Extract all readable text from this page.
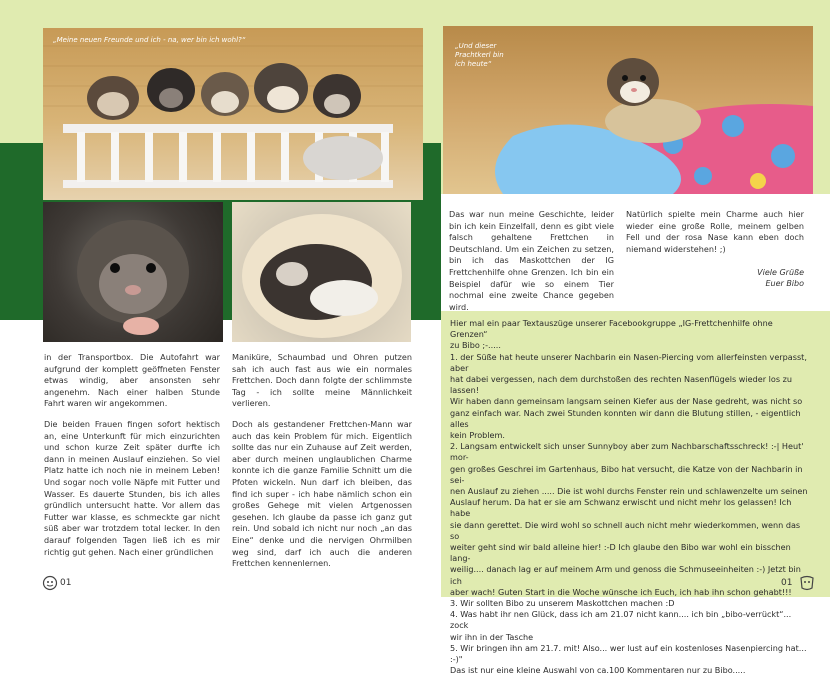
„Meine neuen Freunde und ich - na, wer bin ich wohl?“
„Und dieser Prachtkerl bin ich heute“

in der Transportbox. Die Autofahrt war aufgrund der komplett geöffneten Fenster etwas windig, aber ansonsten sehr angenehm. Nach einer halben Stunde Fahrt waren wir angekommen.

Die beiden Frauen fingen sofort hektisch an, eine Unterkunft für mich einzurichten und schon kurze Zeit später durfte ich dann in meinen Auslauf einziehen. So viel Platz hatte ich noch nie in meinem Leben! Und sogar noch volle Näpfe mit Futter und Wasser. Es dauerte Stunden, bis ich alles gründlich untersucht hatte. Vor allem das Futter war klasse, es schmeckte gar nicht süß aber war trotzdem total lecker. In den darauf folgenden Tagen ließ ich es mir richtig gut gehen. Nach einer gründlichen

Maniküre, Schaumbad und Ohren putzen sah ich auch fast aus wie ein normales Frettchen. Doch dann folgte der schlimmste Tag - ich sollte meine Männlichkeit verlieren.

Doch als gestandener Frettchen-Mann war auch das kein Problem für mich. Eigentlich sollte das nur ein Zuhause auf Zeit werden, aber durch meinen unglaublichen Charme konnte ich die ganze Familie Schnitt um die Pfoten wickeln. Nun darf ich bleiben, das find ich super - ich habe nämlich schon ein großes Gehege mit vielen Artgenossen gesehen. Ich glaube da passe ich ganz gut rein. Und sobald ich nicht nur noch „an das Eine“ denke und die nervigen Ohrmilben weg sind, darf ich auch die anderen Frettchen kennenlernen.

Das war nun meine Geschichte, leider bin ich kein Einzelfall, denn es gibt viele falsch gehaltene Frettchen in Deutschland. Um ein Zeichen zu setzen, bin ich das Maskottchen der IG Frettchenhilfe ohne Grenzen. Ich bin ein Beispiel dafür wie so einem Tier nochmal eine zweite Chance gegeben wird.

Natürlich spielte mein Charme auch hier wieder eine große Rolle, meinem gelben Fell und der rosa Nase kann eben doch niemand widerstehen! ;)

Viele Grüße
Euer Bibo
Hier mal ein paar Textauszüge unserer Facebookgruppe „IG-Frettchenhilfe ohne Grenzen“
zu Bibo ;-.....
1. der Süße hat heute unserer Nachbarin ein Nasen-Piercing vom allerfeinsten verpasst, aber
hat dabei vergessen, nach dem durchstoßen des rechten Nasenflügels wieder los zu lassen!
Wir haben dann gemeinsam langsam seinen Kiefer aus der Nase gedreht, was nicht so
ganz einfach war. Nach zwei Stunden konnten wir dann die Blutung stillen, - eigentlich alles
kein Problem.
2. Langsam entwickelt sich unser Sunnyboy aber zum Nachbarschaftsschreck! :-| Heut' mor-
gen großes Geschrei im Gartenhaus, Bibo hat versucht, die Katze von der Nachbarin in sei-
nen Auslauf zu ziehen ..... Die ist wohl durchs Fenster rein und schlawenzelte um seinen
Auslauf herum. Da hat er sie am Schwanz erwischt und nicht mehr los gelassen! Ich habe
sie dann gerettet. Die wird wohl so schnell auch nicht mehr wiederkommen, wenn das so
weiter geht sind wir bald alleine hier! :-D Ich glaube den Bibo war wohl ein bisschen lang-
weilig.... danach lag er auf meinem Arm und genoss die Schmuseeinheiten :-) Jetzt bin ich
aber wach! Guten Start in die Woche wünsche ich Euch, ich hab ihn schon gehabt!!!
3. Wir sollten Bibo zu unserem Maskottchen machen :D
4. Was habt ihr nen Glück, dass ich am 21.07 nicht kann.... ich bin „bibo-verrückt“... zock
wir ihn in der Tasche
5. Wir bringen ihn am 21.7. mit! Also... wer lust auf ein kostenloses Nasenpiercing hat... :-)"
Das ist nur eine kleine Auswahl von ca.100 Kommentaren nur zu Bibo.....
01	01
